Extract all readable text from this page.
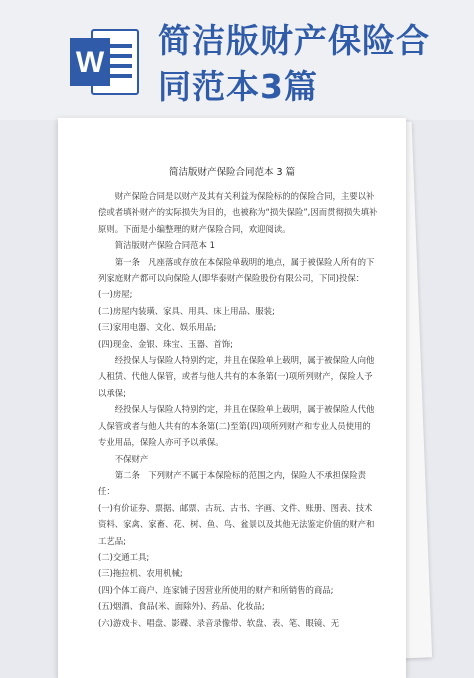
W
简洁版财产保险合
同范本3篇
简洁版财产保险合同范本 3 篇

财产保险合同是以财产及其有关利益为保险标的的保险合同，主要以补偿或者填补财产的实际损失为目的，也被称为“损失保险”,因而贯彻损失填补原则。下面是小编整理的财产保险合同，欢迎阅读。

简洁版财产保险合同范本 1

第一条　凡座落或存放在本保险单载明的地点，属于被保险人所有的下列家庭财产都可以向保险人(即华泰财产保险股份有限公司，下同)投保：

(一)房屋;

(二)房屋内装璜、家具、用具、床上用品、服装;

(三)家用电器、文化、娱乐用品;

(四)现金、金银、珠宝、玉器、首饰;

经投保人与保险人特别约定，并且在保险单上载明，属于被保险人向他人租赁、代他人保管，或者与他人共有的本条第(一)项所列财产，保险人予以承保;

经投保人与保险人特别约定，并且在保险单上载明，属于被保险人代他人保管或者与他人共有的本条第(二)至第(四)项所列财产和专业人员使用的专业用品，保险人亦可予以承保。

不保财产

第二条　下列财产不属于本保险标的范围之内，保险人不承担保险责任：

(一)有价证券、票据、邮票、古玩、古书、字画、文件、账册、图表、技术资料、家禽、家畜、花、树、鱼、鸟、盆景以及其他无法鉴定价值的财产和工艺品;

(二)交通工具;

(三)拖拉机、农用机械;

(四)个体工商户、连家铺子因营业所使用的财产和所销售的商品;

(五)烟酒、食品(米、面除外)、药品、化妆品;

(六)游戏卡、唱盘、影碟、录音录像带、软盘、表、笔、眼镜、无
